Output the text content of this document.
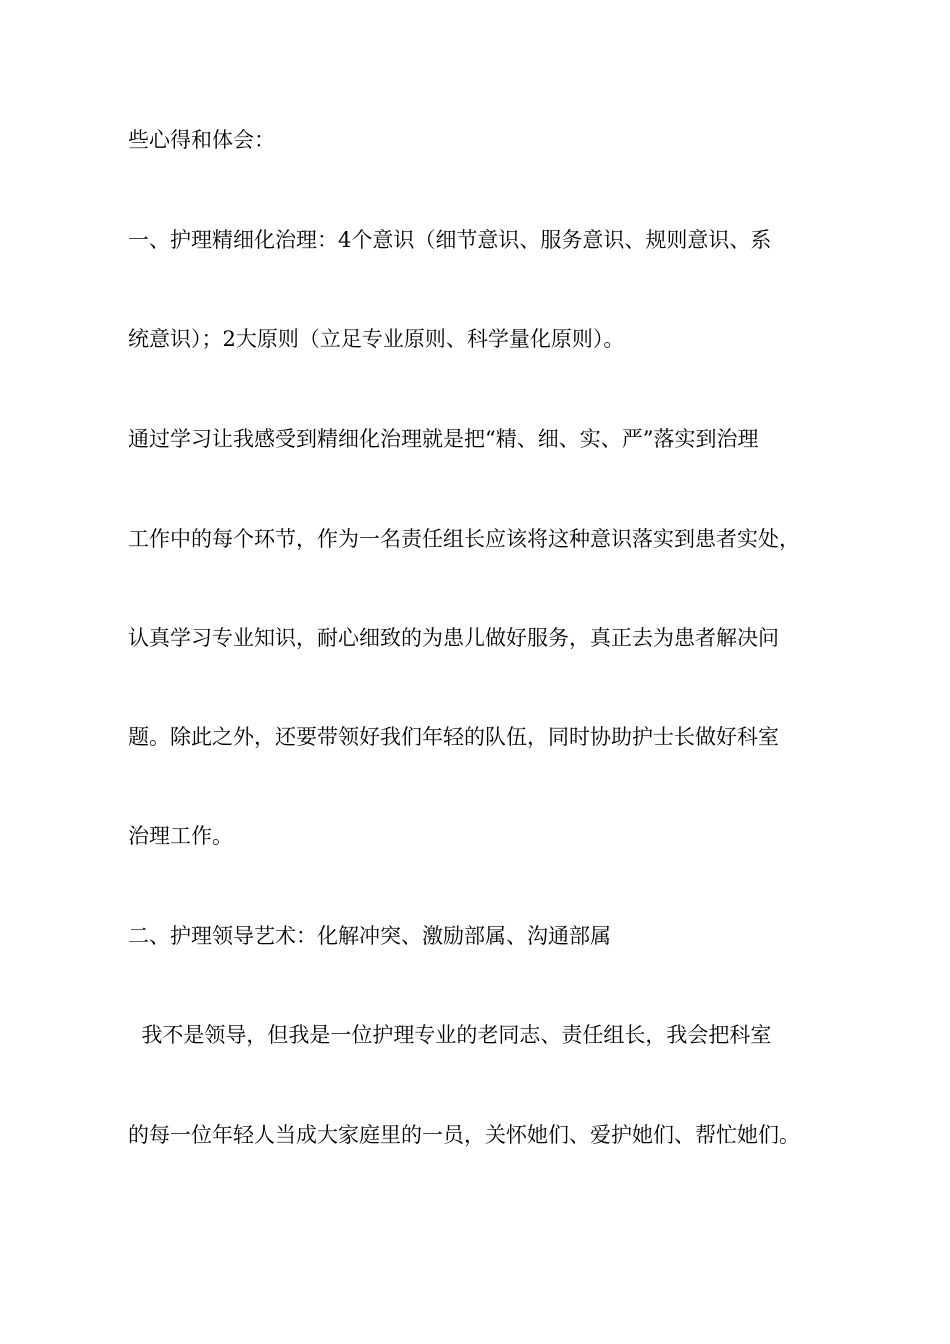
些心得和体会：
一、护理精细化治理：4个意识（细节意识、服务意识、规则意识、系
统意识）；2大原则（立足专业原则、科学量化原则）。
通过学习让我感受到精细化治理就是把“精、细、实、严”落实到治理
工作中的每个环节，作为一名责任组长应该将这种意识落实到患者实处，
认真学习专业知识，耐心细致的为患儿做好服务，真正去为患者解决问
题。除此之外，还要带领好我们年轻的队伍，同时协助护士长做好科室
治理工作。
二、护理领导艺术：化解冲突、激励部属、沟通部属
我不是领导，但我是一位护理专业的老同志、责任组长，我会把科室
的每一位年轻人当成大家庭里的一员，关怀她们、爱护她们、帮忙她们。
